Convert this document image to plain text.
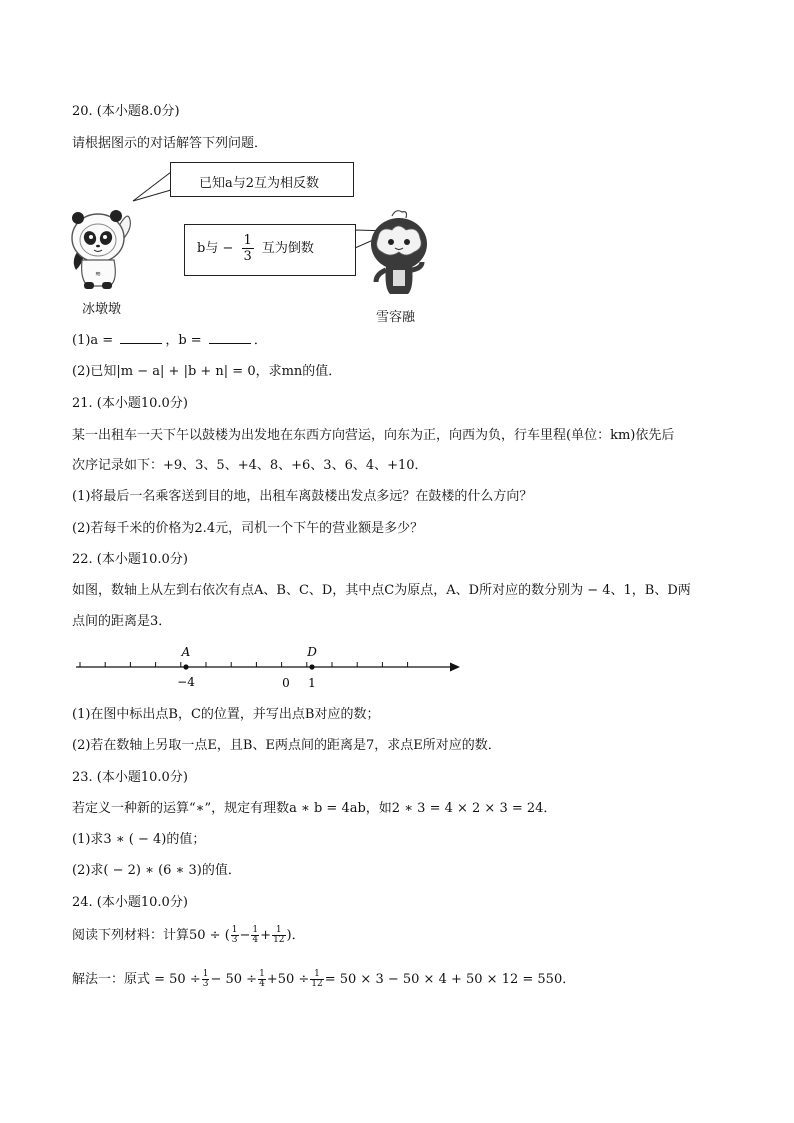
20. (本小题8.0分)
请根据图示的对话解答下列问题．
已知a与2互为相反数
b与 − $\frac{1}{3}$ 互为倒数
≋
冰墩墩
雪容融
(1)a =	，b =	．
(2)已知|m − a| + |b + n| = 0，求mn的值．
21. (本小题10.0分)
某一出租车一天下午以鼓楼为出发地在东西方向营运，向东为正，向西为负，行车里程(单位：km)依先后
次序记录如下：+9、3、5、+4、8、+6、3、6、4、+10．
(1)将最后一名乘客送到目的地，出租车离鼓楼出发点多远？在鼓楼的什么方向？
(2)若每千米的价格为2.4元，司机一个下午的营业额是多少？
22. (本小题10.0分)
如图，数轴上从左到右依次有点A、B、C、D，其中点C为原点，A、D所对应的数分别为 − 4、1，B、D两
点间的距离是3．
A	D
−4	0 1
(1)在图中标出点B，C的位置，并写出点B对应的数；
(2)若在数轴上另取一点E，且B、E两点间的距离是7，求点E所对应的数．
23. (本小题10.0分)
若定义一种新的运算“∗”，规定有理数a ∗ b = 4ab，如2 ∗ 3 = 4 × 2 × 3 = 24．
(1)求3 ∗ ( − 4)的值；
(2)求( − 2) ∗ (6 ∗ 3)的值．
24. (本小题10.0分)
阅读下列材料：计算50 ÷ ( $\frac{1}{3} - \frac{1}{4} + \frac{1}{12}$ )．
解法一：原式 = $50 \div \frac{1}{3} - 50 \div \frac{1}{4} +50 \div \frac{1}{12} = 50 \times 3 - 50 \times 4 + 50 \times 12 = 550$．
